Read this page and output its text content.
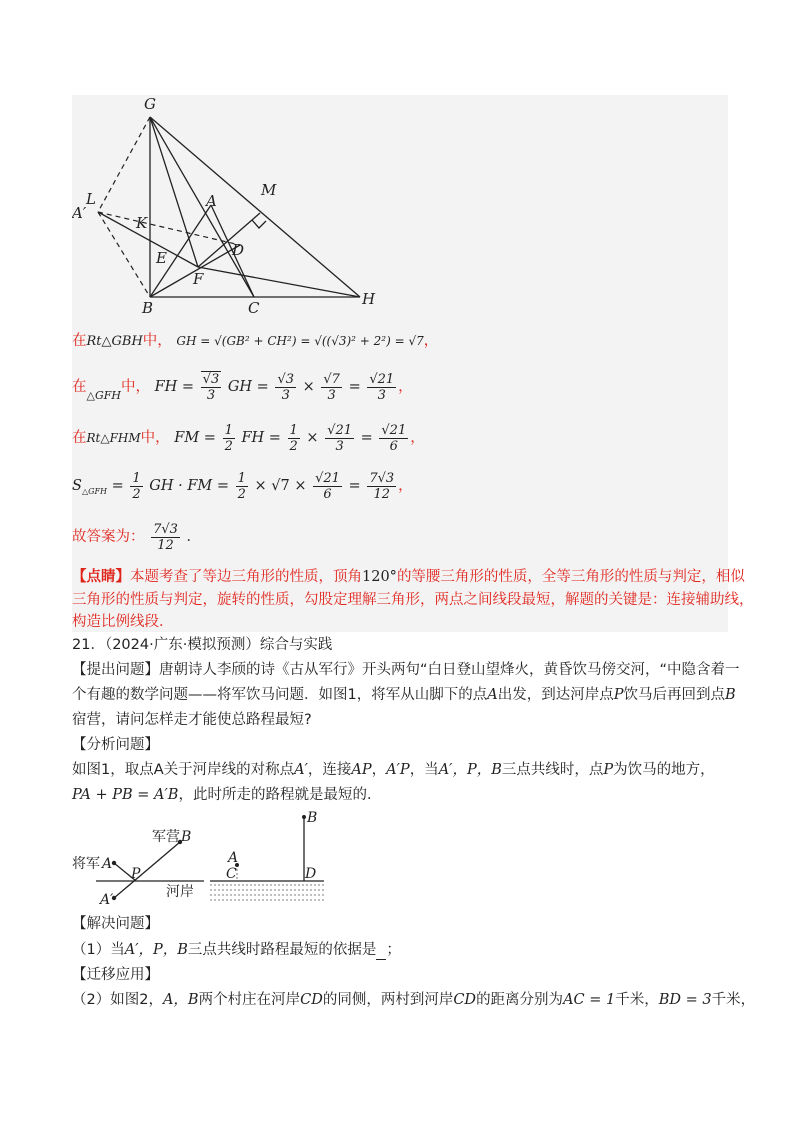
G
L
A′
M
A
K
D
E
F
B	C	H
在Rt△GBH中， GH = √(GB² + CH²) = √((√3)² + 2²) = √7，
在$_{\triangle GFH}$中， FH = $\frac{√3}{3}$ GH = $\frac{√3}{3} \times \frac{√7}{3} = \frac{√21}{3}$ ，
在Rt△FHM中， FM = $\frac{1}{2}$ FH = $\frac{1}{2} \times \frac{√21}{3} = \frac{√21}{6}$ ，
$S_{\triangle GFH} = \frac{1}{2}$ GH · FM = $\frac{1}{2} \times √7 \times \frac{√21}{6} = \frac{7√3}{12}$ ，
故答案为： $\frac{7√3}{12}$ ．
【点睛】本题考查了等边三角形的性质，顶角120°的等腰三角形的性质，全等三角形的性质与判定，相似
三角形的性质与判定，旋转的性质，勾股定理解三角形，两点之间线段最短，解题的关键是：连接辅助线，
构造比例线段．
21．（2024·广东·模拟预测）综合与实践
【提出问题】唐朝诗人李颀的诗《古从军行》开头两句“白日登山望烽火，黄昏饮马傍交河，“中隐含着一
个有趣的数学问题——将军饮马问题．如图1，将军从山脚下的点A出发，到达河岸点P饮马后再回到点B
宿营，请问怎样走才能使总路程最短?
【分析问题】
如图1，取点A关于河岸线的对称点A′，连接AP，A′P，当A′，P，B三点共线时，点P为饮马的地方，
PA + PB = A′B，此时所走的路程就是最短的．
军营 B
将军 A
P
A′	河岸
A
C
B
D
【解决问题】
（1）当A′，P，B三点共线时路程最短的依据是 ；
【迁移应用】
（2）如图2，A，B两个村庄在河岸CD的同侧，两村到河岸CD的距离分别为AC = 1千米，BD = 3千米，
